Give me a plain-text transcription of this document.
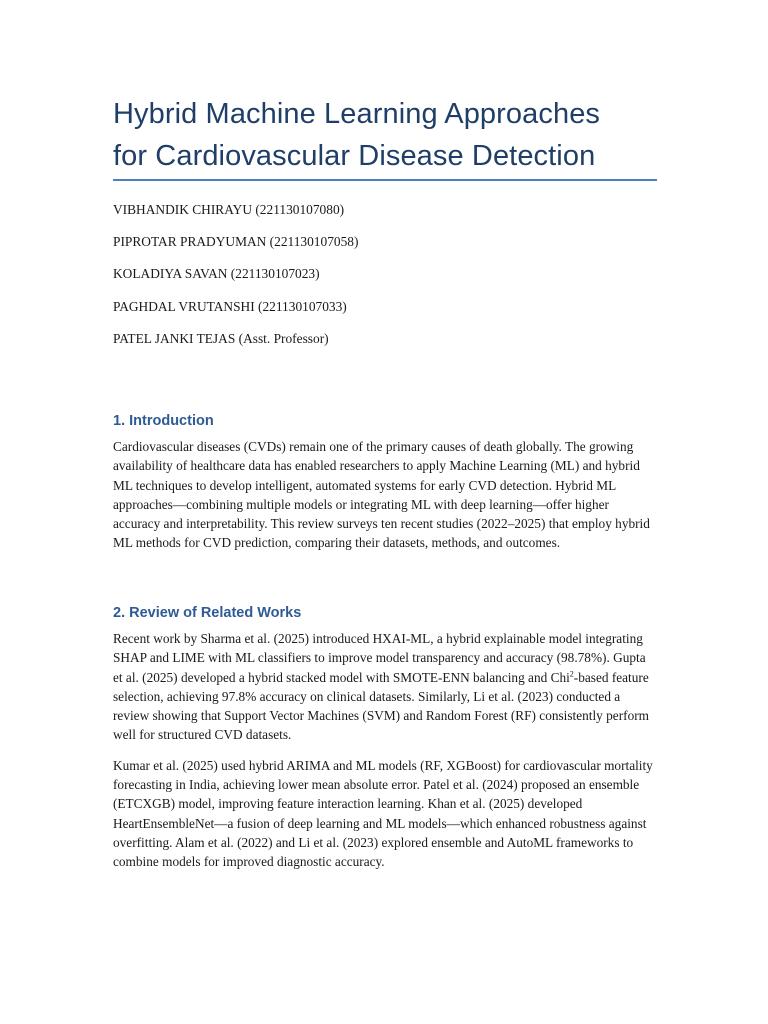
Hybrid Machine Learning Approaches
for Cardiovascular Disease Detection
VIBHANDIK CHIRAYU (221130107080)
PIPROTAR PRADYUMAN (221130107058)
KOLADIYA SAVAN (221130107023)
PAGHDAL VRUTANSHI (221130107033)
PATEL JANKI TEJAS (Asst. Professor)
1. Introduction

Cardiovascular diseases (CVDs) remain one of the primary causes of death globally. The growing availability of healthcare data has enabled researchers to apply Machine Learning (ML) and hybrid ML techniques to develop intelligent, automated systems for early CVD detection. Hybrid ML approaches—combining multiple models or integrating ML with deep learning—offer higher accuracy and interpretability. This review surveys ten recent studies (2022–2025) that employ hybrid ML methods for CVD prediction, comparing their datasets, methods, and outcomes.

2. Review of Related Works

Recent work by Sharma et al. (2025) introduced HXAI-ML, a hybrid explainable model integrating SHAP and LIME with ML classifiers to improve model transparency and accuracy (98.78%). Gupta et al. (2025) developed a hybrid stacked model with SMOTE-ENN balancing and Chi$^2$-based feature selection, achieving 97.8% accuracy on clinical datasets. Similarly, Li et al. (2023) conducted a review showing that Support Vector Machines (SVM) and Random Forest (RF) consistently perform well for structured CVD datasets.

Kumar et al. (2025) used hybrid ARIMA and ML models (RF, XGBoost) for cardiovascular mortality forecasting in India, achieving lower mean absolute error. Patel et al. (2024) proposed an ensemble (ETCXGB) model, improving feature interaction learning. Khan et al. (2025) developed HeartEnsembleNet—a fusion of deep learning and ML models—which enhanced robustness against overfitting. Alam et al. (2022) and Li et al. (2023) explored ensemble and AutoML frameworks to combine models for improved diagnostic accuracy.
